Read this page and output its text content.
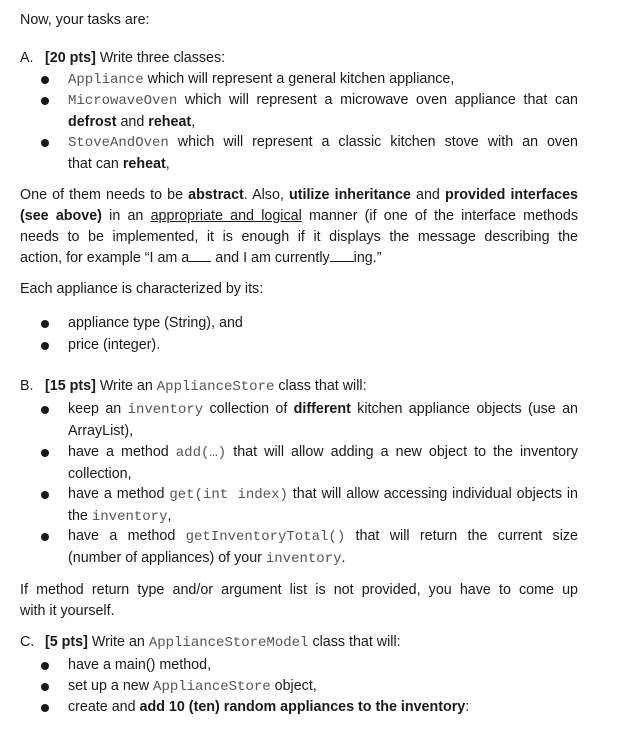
Now, your tasks are:
A. [20 pts] Write three classes:
Appliance which will represent a general kitchen appliance,
MicrowaveOven which will represent a microwave oven appliance that can
defrost and reheat,
StoveAndOven which will represent a classic kitchen stove with an oven
that can reheat,
One of them needs to be abstract. Also, utilize inheritance and provided interfaces
(see above) in an appropriate and logical manner (if one of the interface methods
needs to be implemented, it is enough if it displays the message describing the
action, for example “I am a and I am currently ing.”
Each appliance is characterized by its:
appliance type (String), and
price (integer).
B. [15 pts] Write an ApplianceStore class that will:
keep an inventory collection of different kitchen appliance objects (use an ArrayList),
have a method add(…) that will allow adding a new object to the inventory collection,
have a method get(int index) that will allow accessing individual objects in the inventory,
have a method getInventoryTotal() that will return the current size (number of appliances) of your inventory.
If method return type and/or argument list is not provided, you have to come up
with it yourself.
C. [5 pts] Write an ApplianceStoreModel class that will:
have a main() method,
set up a new ApplianceStore object,
create and add 10 (ten) random appliances to the inventory:
